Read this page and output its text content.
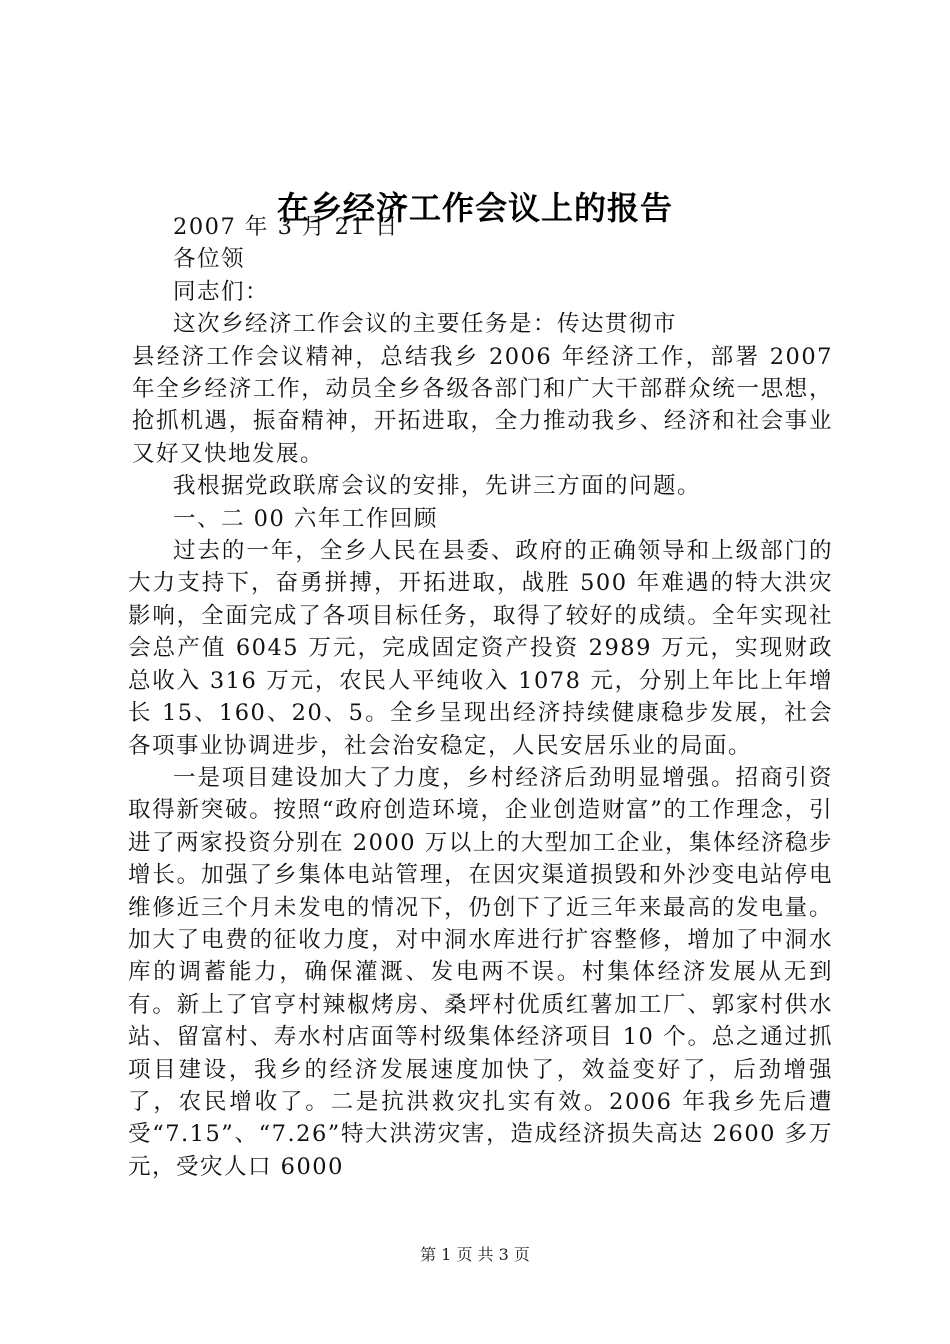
在乡经济工作会议上的报告

2007 年 3 月 21 日

各位领

同志们：

这次乡经济工作会议的主要任务是：传达贯彻市

县经济工作会议精神，总结我乡 2006 年经济工作，部署 2007 年全乡经济工作，动员全乡各级各部门和广大干部群众统一思想，抢抓机遇，振奋精神，开拓进取，全力推动我乡、经济和社会事业又好又快地发展。

我根据党政联席会议的安排，先讲三方面的问题。

一、二 00 六年工作回顾

过去的一年，全乡人民在县委、政府的正确领导和上级部门的大力支持下，奋勇拼搏，开拓进取，战胜 500 年难遇的特大洪灾影响，全面完成了各项目标任务，取得了较好的成绩。全年实现社会总产值 6045 万元，完成固定资产投资 2989 万元，实现财政总收入 316 万元，农民人平纯收入 1078 元，分别上年比上年增长 15、160、20、5。全乡呈现出经济持续健康稳步发展，社会各项事业协调进步，社会治安稳定，人民安居乐业的局面。

一是项目建设加大了力度，乡村经济后劲明显增强。招商引资取得新突破。按照“政府创造环境，企业创造财富”的工作理念，引进了两家投资分别在 2000 万以上的大型加工企业，集体经济稳步增长。加强了乡集体电站管理，在因灾渠道损毁和外沙变电站停电维修近三个月未发电的情况下，仍创下了近三年来最高的发电量。加大了电费的征收力度，对中洞水库进行扩容整修，增加了中洞水库的调蓄能力，确保灌溉、发电两不误。村集体经济发展从无到有。新上了官亨村辣椒烤房、桑坪村优质红薯加工厂、郭家村供水站、留富村、寿水村店面等村级集体经济项目 10 个。总之通过抓项目建设，我乡的经济发展速度加快了，效益变好了，后劲增强了，农民增收了。二是抗洪救灾扎实有效。2006 年我乡先后遭受“7.15”、“7.26”特大洪涝灾害，造成经济损失高达 2600 多万元，受灾人口 6000

第 1 页 共 3 页
